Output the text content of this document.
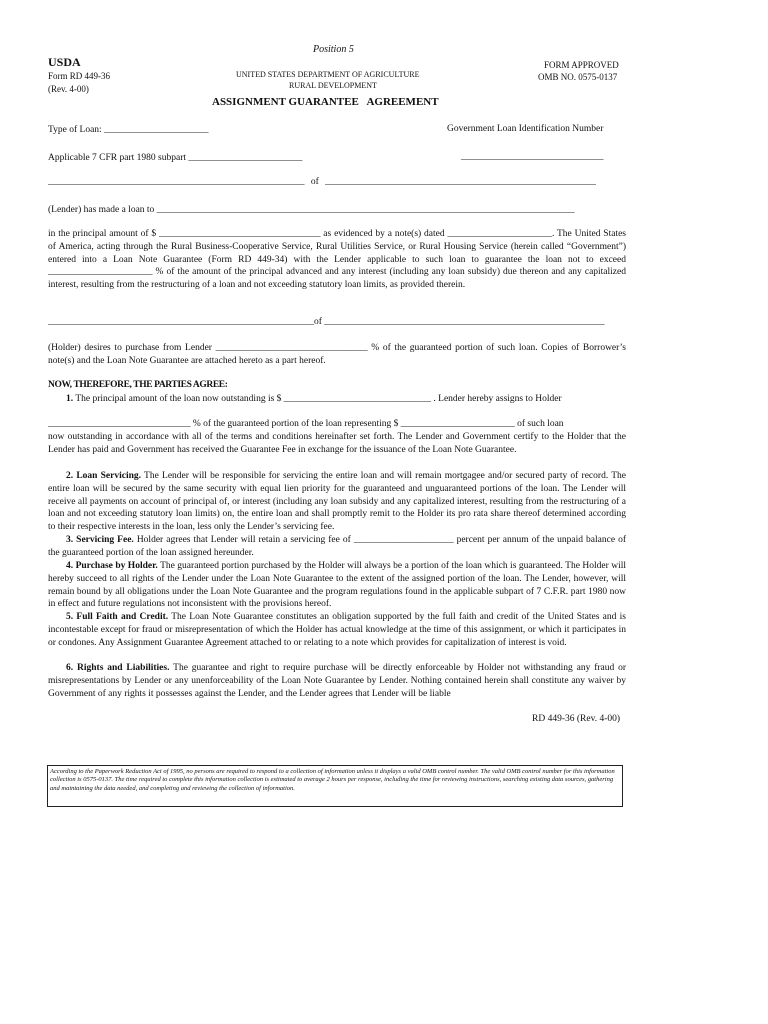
Position 5
USDA
Form RD 449-36
(Rev. 4-00)
UNITED STATES DEPARTMENT OF AGRICULTURE
RURAL DEVELOPMENT
FORM APPROVED
OMB NO. 0575-0137
ASSIGNMENT GUARANTEE   AGREEMENT
Type of Loan: ______________________	Government Loan Identification Number
Applicable 7 CFR part 1980 subpart ________________________	______________________________
______________________________________________________ of _________________________________________________________
(Lender) has made a loan to ________________________________________________________________________________________
in the principal amount of $ __________________________________ as evidenced by a note(s) dated ______________________. The United States of America, acting through the Rural Business-Cooperative Service, Rural Utilities Service, or Rural Housing Service (herein called “Government”) entered into a Loan Note Guarantee (Form RD 449-34) with the Lender applicable to such loan to guarantee the loan not to exceed ______________________ % of the amount of the principal advanced and any interest (including any loan subsidy) due thereon and any capitalized interest, resulting from the restructuring of a loan and not exceeding statutory loan limits, as provided therein.
________________________________________________________of ___________________________________________________________
(Holder) desires to purchase from Lender ________________________________ % of the guaranteed portion of such loan. Copies of Borrower’s note(s) and the Loan Note Guarantee are attached hereto as a part hereof.
NOW, THEREFORE, THE PARTIES AGREE:
1. The principal amount of the loan now outstanding is $ _______________________________ . Lender hereby assigns to Holder
______________________________ % of the guaranteed portion of the loan representing $ ________________________ of such loan
now outstanding in accordance with all of the terms and conditions hereinafter set forth. The Lender and Government certify to the Holder that the Lender has paid and Government has received the Guarantee Fee in exchange for the issuance of the Loan Note Guarantee.
2. Loan Servicing. The Lender will be responsible for servicing the entire loan and will remain mortgagee and/or secured party of record. The entire loan will be secured by the same security with equal lien priority for the guaranteed and unguaranteed portions of the loan. The Lender will receive all payments on account of principal of, or interest (including any loan subsidy and any capitalized interest, resulting from the restructuring of a loan and not exceeding statutory loan limits) on, the entire loan and shall promptly remit to the Holder its pro rata share thereof determined according to their respective interests in the loan, less only the Lender’s servicing fee.
3. Servicing Fee. Holder agrees that Lender will retain a servicing fee of _____________________ percent per annum of the unpaid balance of the guaranteed portion of the loan assigned hereunder.
4. Purchase by Holder. The guaranteed portion purchased by the Holder will always be a portion of the loan which is guaranteed. The Holder will hereby succeed to all rights of the Lender under the Loan Note Guarantee to the extent of the assigned portion of the loan. The Lender, however, will remain bound by all obligations under the Loan Note Guarantee and the program regulations found in the applicable subpart of 7 C.F.R. part 1980 now in effect and future regulations not inconsistent with the provisions hereof.
5. Full Faith and Credit. The Loan Note Guarantee constitutes an obligation supported by the full faith and credit of the United States and is incontestable except for fraud or misrepresentation of which the Holder has actual knowledge at the time of this assignment, or which it participates in or condones. Any Assignment Guarantee Agreement attached to or relating to a note which provides for capitalization of interest is void.
6. Rights and Liabilities. The guarantee and right to require purchase will be directly enforceable by Holder not withstanding any fraud or misrepresentations by Lender or any unenforceability of the Loan Note Guarantee by Lender. Nothing contained herein shall constitute any waiver by Government of any rights it possesses against the Lender, and the Lender agrees that Lender will be liable
RD 449-36 (Rev. 4-00)
According to the Paperwork Reduction Act of 1995, no persons are required to respond to a collection of information unless it displays a valid OMB control number. The valid OMB control number for this information collection is 0575-0137. The time required to complete this information collection is estimated to average 2 hours per response, including the time for reviewing instructions, searching existing data sources, gathering and maintaining the data needed, and completing and reviewing the collection of information.
